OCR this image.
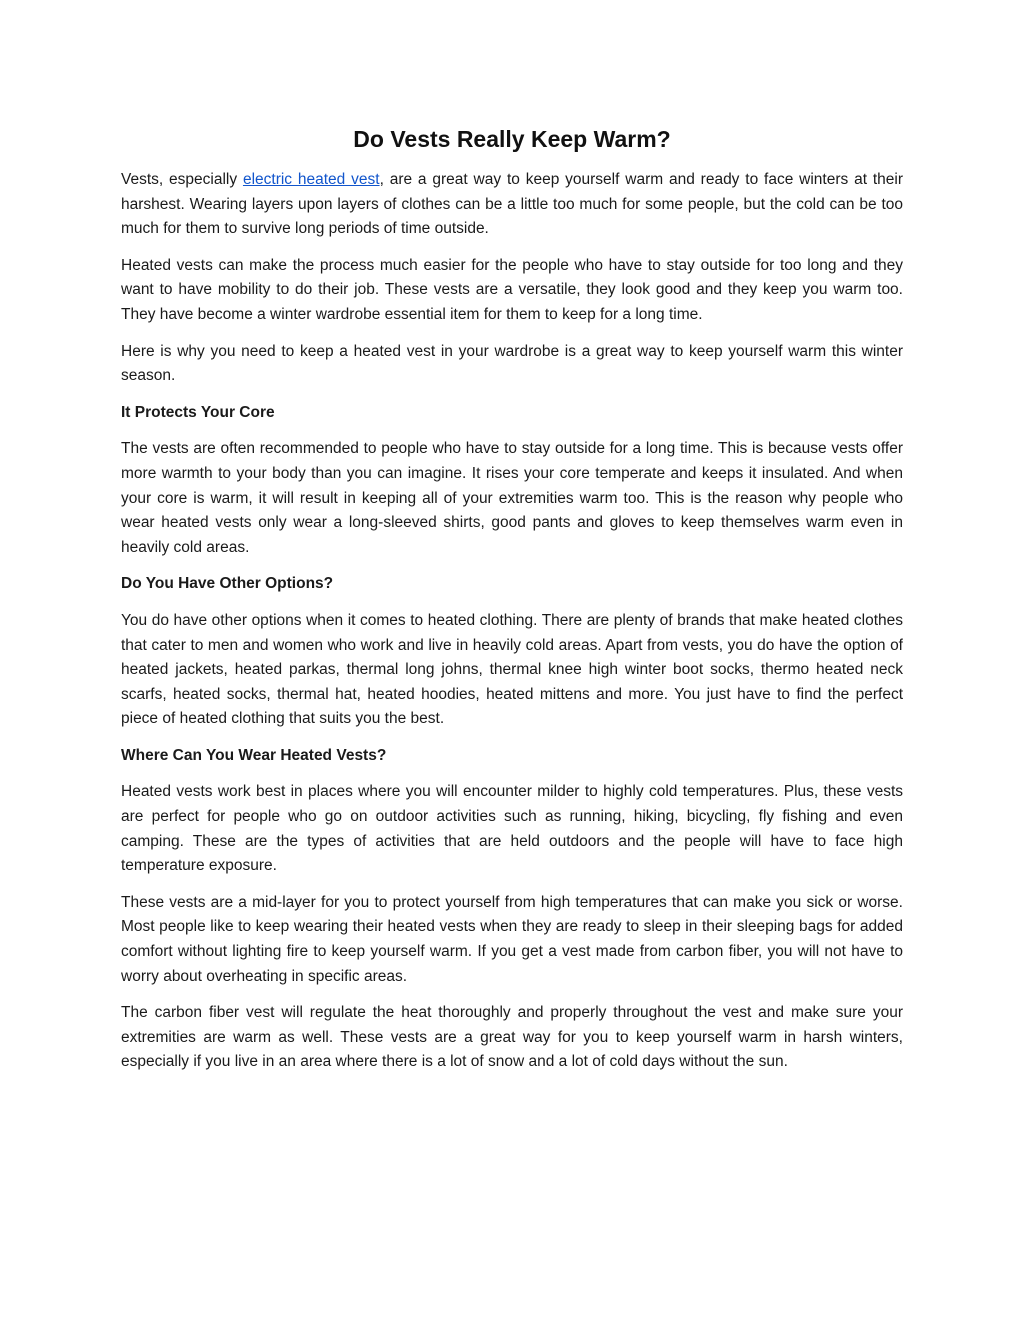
Do Vests Really Keep Warm?

Vests, especially electric heated vest, are a great way to keep yourself warm and ready to face winters at their harshest. Wearing layers upon layers of clothes can be a little too much for some people, but the cold can be too much for them to survive long periods of time outside.

Heated vests can make the process much easier for the people who have to stay outside for too long and they want to have mobility to do their job. These vests are a versatile, they look good and they keep you warm too. They have become a winter wardrobe essential item for them to keep for a long time.

Here is why you need to keep a heated vest in your wardrobe is a great way to keep yourself warm this winter season.

It Protects Your Core

The vests are often recommended to people who have to stay outside for a long time. This is because vests offer more warmth to your body than you can imagine. It rises your core temperate and keeps it insulated. And when your core is warm, it will result in keeping all of your extremities warm too. This is the reason why people who wear heated vests only wear a long-sleeved shirts, good pants and gloves to keep themselves warm even in heavily cold areas.

Do You Have Other Options?

You do have other options when it comes to heated clothing. There are plenty of brands that make heated clothes that cater to men and women who work and live in heavily cold areas. Apart from vests, you do have the option of heated jackets, heated parkas, thermal long johns, thermal knee high winter boot socks, thermo heated neck scarfs, heated socks, thermal hat, heated hoodies, heated mittens and more. You just have to find the perfect piece of heated clothing that suits you the best.

Where Can You Wear Heated Vests?

Heated vests work best in places where you will encounter milder to highly cold temperatures. Plus, these vests are perfect for people who go on outdoor activities such as running, hiking, bicycling, fly fishing and even camping. These are the types of activities that are held outdoors and the people will have to face high temperature exposure.

These vests are a mid-layer for you to protect yourself from high temperatures that can make you sick or worse. Most people like to keep wearing their heated vests when they are ready to sleep in their sleeping bags for added comfort without lighting fire to keep yourself warm. If you get a vest made from carbon fiber, you will not have to worry about overheating in specific areas.

The carbon fiber vest will regulate the heat thoroughly and properly throughout the vest and make sure your extremities are warm as well. These vests are a great way for you to keep yourself warm in harsh winters, especially if you live in an area where there is a lot of snow and a lot of cold days without the sun.
